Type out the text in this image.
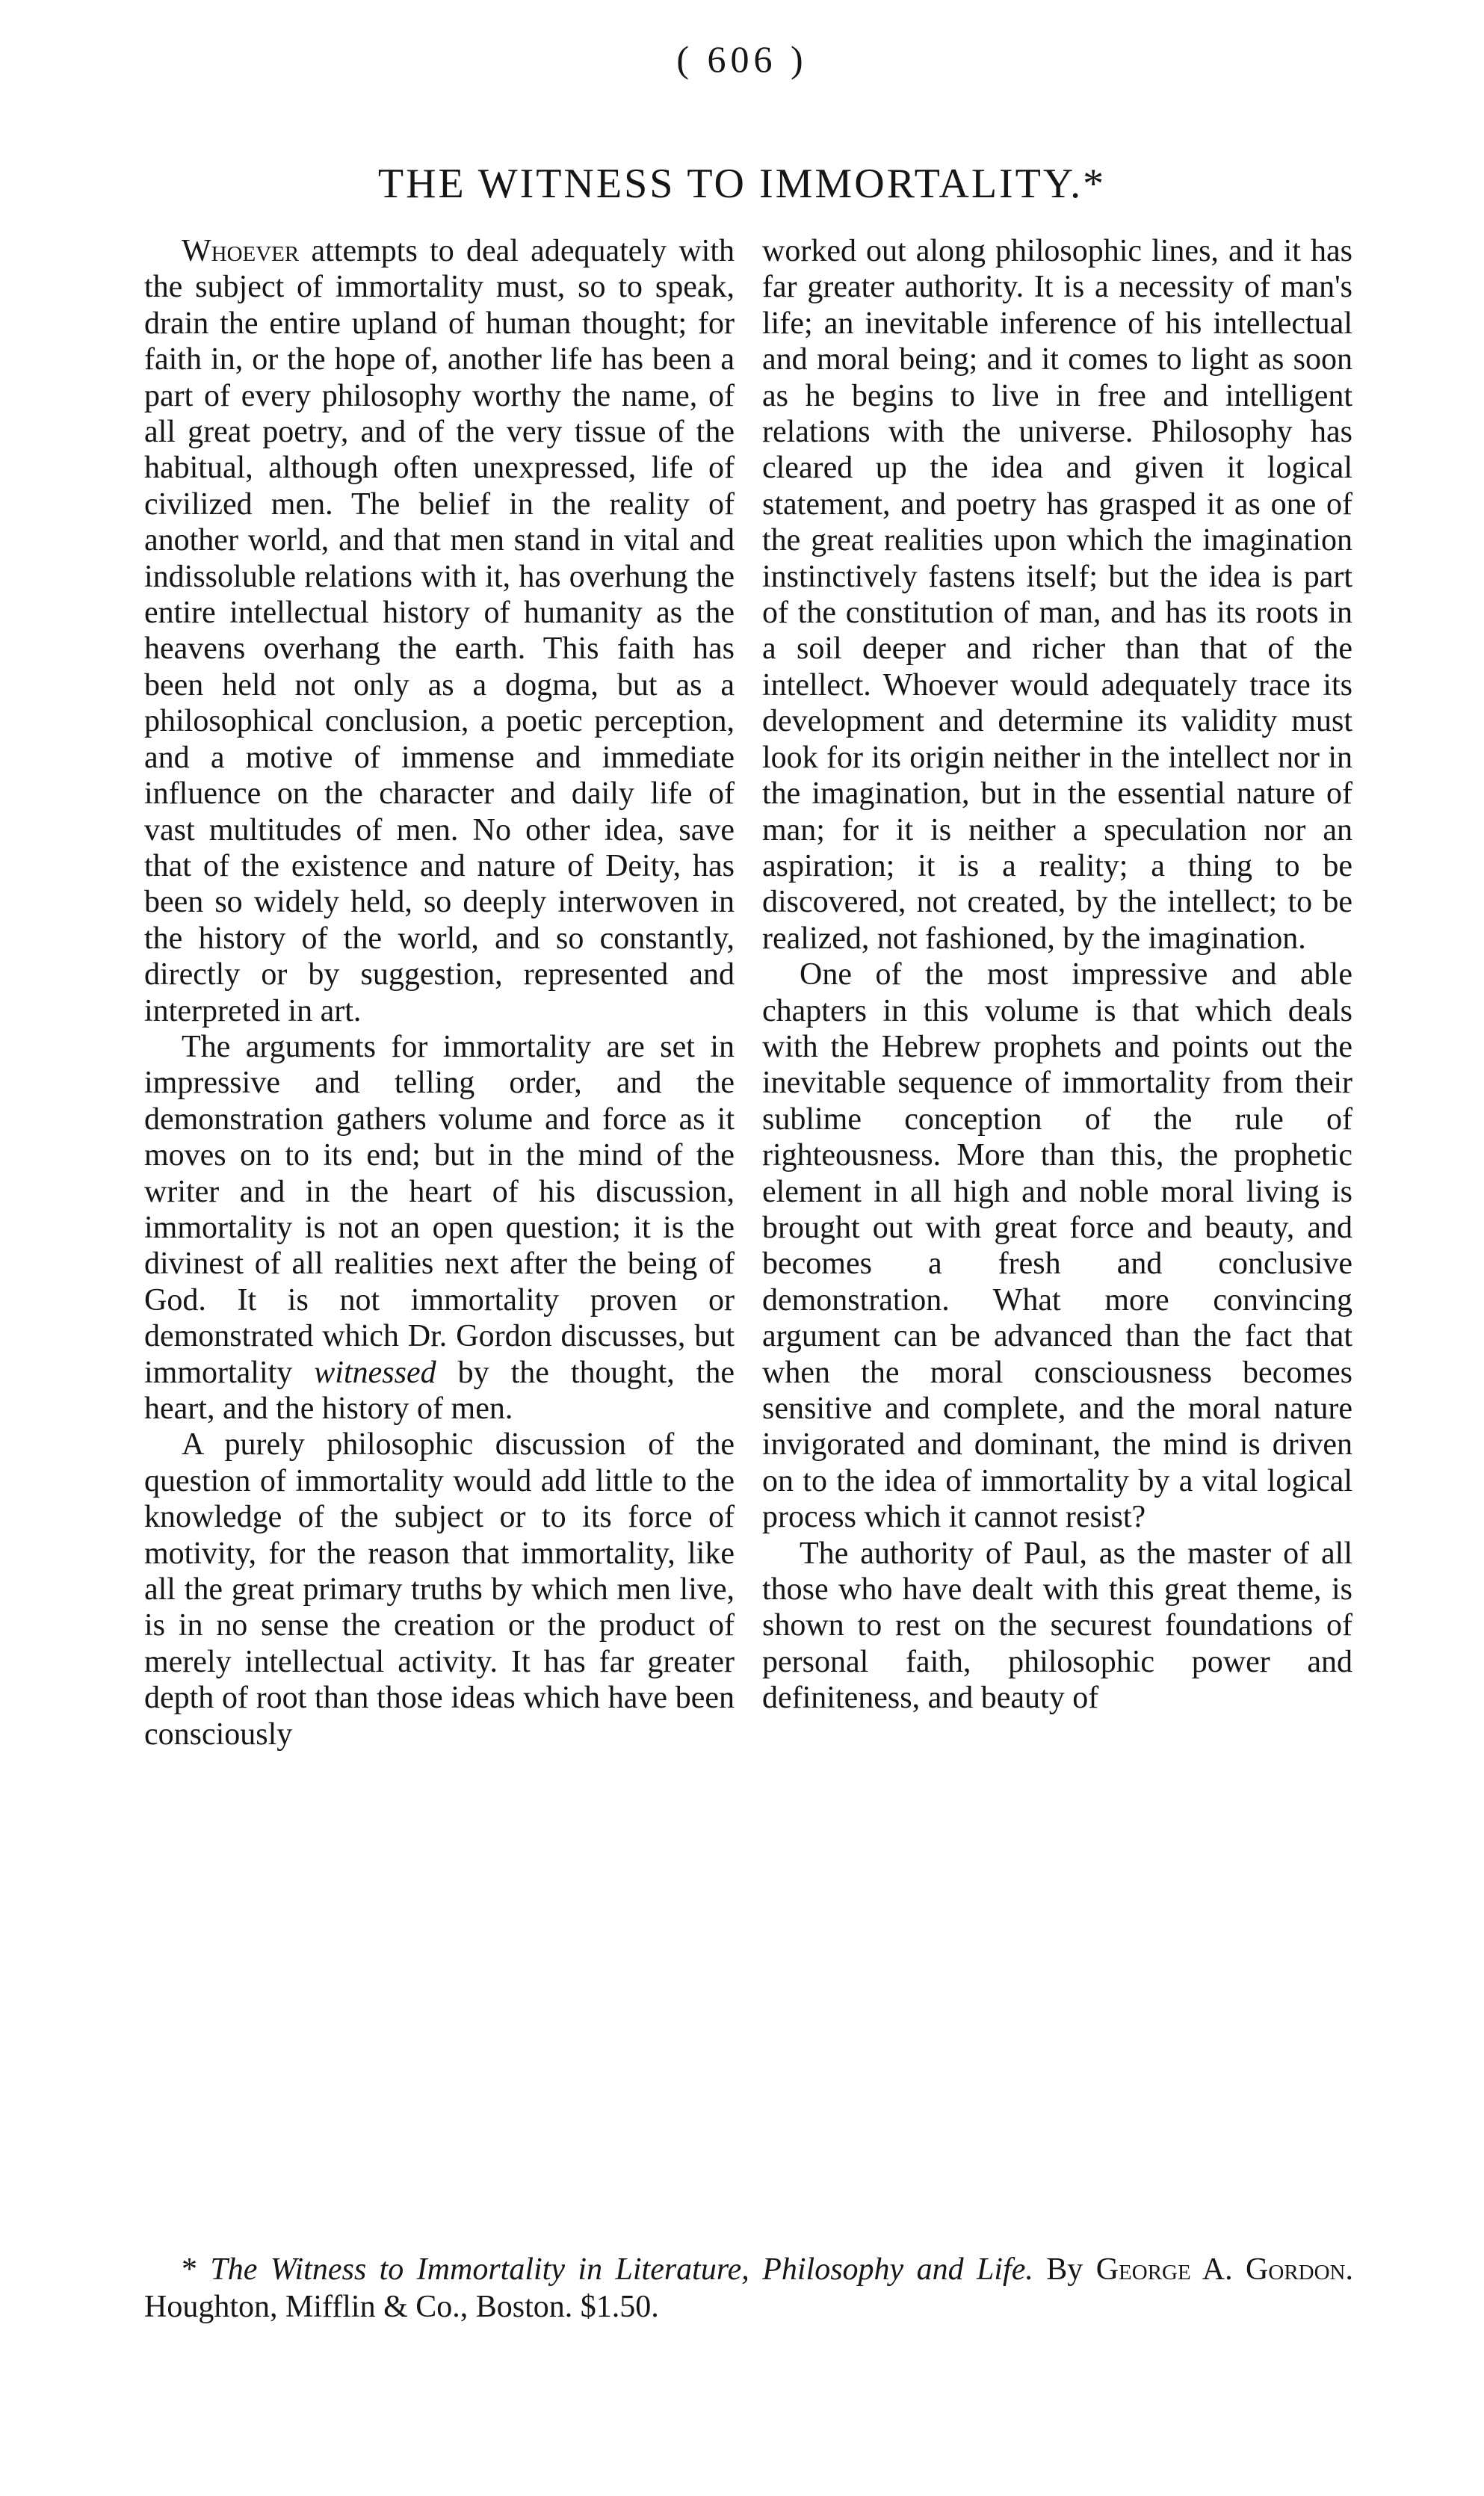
( 606 )
THE WITNESS TO IMMORTALITY.*

Whoever attempts to deal adequately with the subject of immortality must, so to speak, drain the entire upland of human thought; for faith in, or the hope of, another life has been a part of every philosophy worthy the name, of all great poetry, and of the very tissue of the habitual, although often unexpressed, life of civilized men. The belief in the reality of another world, and that men stand in vital and indissoluble relations with it, has overhung the entire intellectual history of humanity as the heavens overhang the earth. This faith has been held not only as a dogma, but as a philosophical conclusion, a poetic perception, and a motive of immense and immediate influence on the character and daily life of vast multitudes of men. No other idea, save that of the existence and nature of Deity, has been so widely held, so deeply interwoven in the history of the world, and so constantly, directly or by suggestion, represented and interpreted in art.

The arguments for immortality are set in impressive and telling order, and the demonstration gathers volume and force as it moves on to its end; but in the mind of the writer and in the heart of his discussion, immortality is not an open question; it is the divinest of all realities next after the being of God. It is not immortality proven or demonstrated which Dr. Gordon discusses, but immortality witnessed by the thought, the heart, and the history of men.

A purely philosophic discussion of the question of immortality would add little to the knowledge of the subject or to its force of motivity, for the reason that immortality, like all the great primary truths by which men live, is in no sense the creation or the product of merely intellectual activity. It has far greater depth of root than those ideas which have been consciously

worked out along philosophic lines, and it has far greater authority. It is a necessity of man's life; an inevitable inference of his intellectual and moral being; and it comes to light as soon as he begins to live in free and intelligent relations with the universe. Philosophy has cleared up the idea and given it logical statement, and poetry has grasped it as one of the great realities upon which the imagination instinctively fastens itself; but the idea is part of the constitution of man, and has its roots in a soil deeper and richer than that of the intellect. Whoever would adequately trace its development and determine its validity must look for its origin neither in the intellect nor in the imagination, but in the essential nature of man; for it is neither a speculation nor an aspiration; it is a reality; a thing to be discovered, not created, by the intellect; to be realized, not fashioned, by the imagination.

One of the most impressive and able chapters in this volume is that which deals with the Hebrew prophets and points out the inevitable sequence of immortality from their sublime conception of the rule of righteousness. More than this, the prophetic element in all high and noble moral living is brought out with great force and beauty, and becomes a fresh and conclusive demonstration. What more convincing argument can be advanced than the fact that when the moral consciousness becomes sensitive and complete, and the moral nature invigorated and dominant, the mind is driven on to the idea of immortality by a vital logical process which it cannot resist?

The authority of Paul, as the master of all those who have dealt with this great theme, is shown to rest on the securest foundations of personal faith, philosophic power and definiteness, and beauty of

* The Witness to Immortality in Literature, Philosophy and Life. By George A. Gordon. Houghton, Mifflin & Co., Boston. $1.50.
